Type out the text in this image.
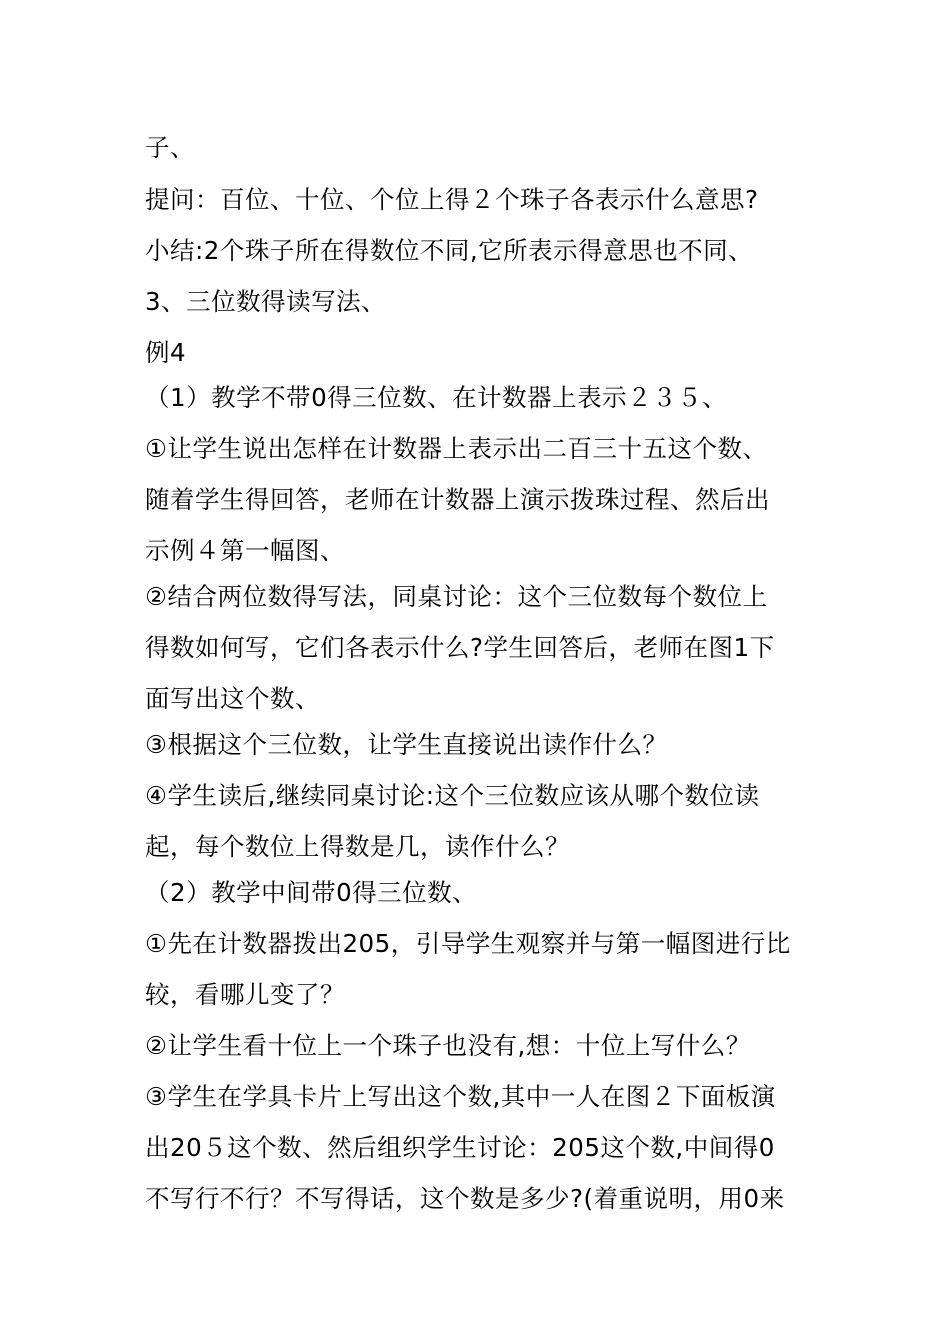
子、
提问：百位、十位、个位上得２个珠子各表示什么意思?
小结:2个珠子所在得数位不同,它所表示得意思也不同、
3、三位数得读写法、
例4
（1）教学不带0得三位数、在计数器上表示２３５、
①让学生说出怎样在计数器上表示出二百三十五这个数、
随着学生得回答，老师在计数器上演示拨珠过程、然后出
示例４第一幅图、
②结合两位数得写法，同桌讨论：这个三位数每个数位上
得数如何写，它们各表示什么?学生回答后，老师在图1下
面写出这个数、
③根据这个三位数，让学生直接说出读作什么？
④学生读后,继续同桌讨论:这个三位数应该从哪个数位读
起，每个数位上得数是几，读作什么？
（2）教学中间带0得三位数、
①先在计数器拨出205，引导学生观察并与第一幅图进行比
较，看哪儿变了？
②让学生看十位上一个珠子也没有,想：十位上写什么？
③学生在学具卡片上写出这个数,其中一人在图２下面板演
出20５这个数、然后组织学生讨论：205这个数,中间得0
不写行不行？不写得话，这个数是多少?(着重说明，用0来
